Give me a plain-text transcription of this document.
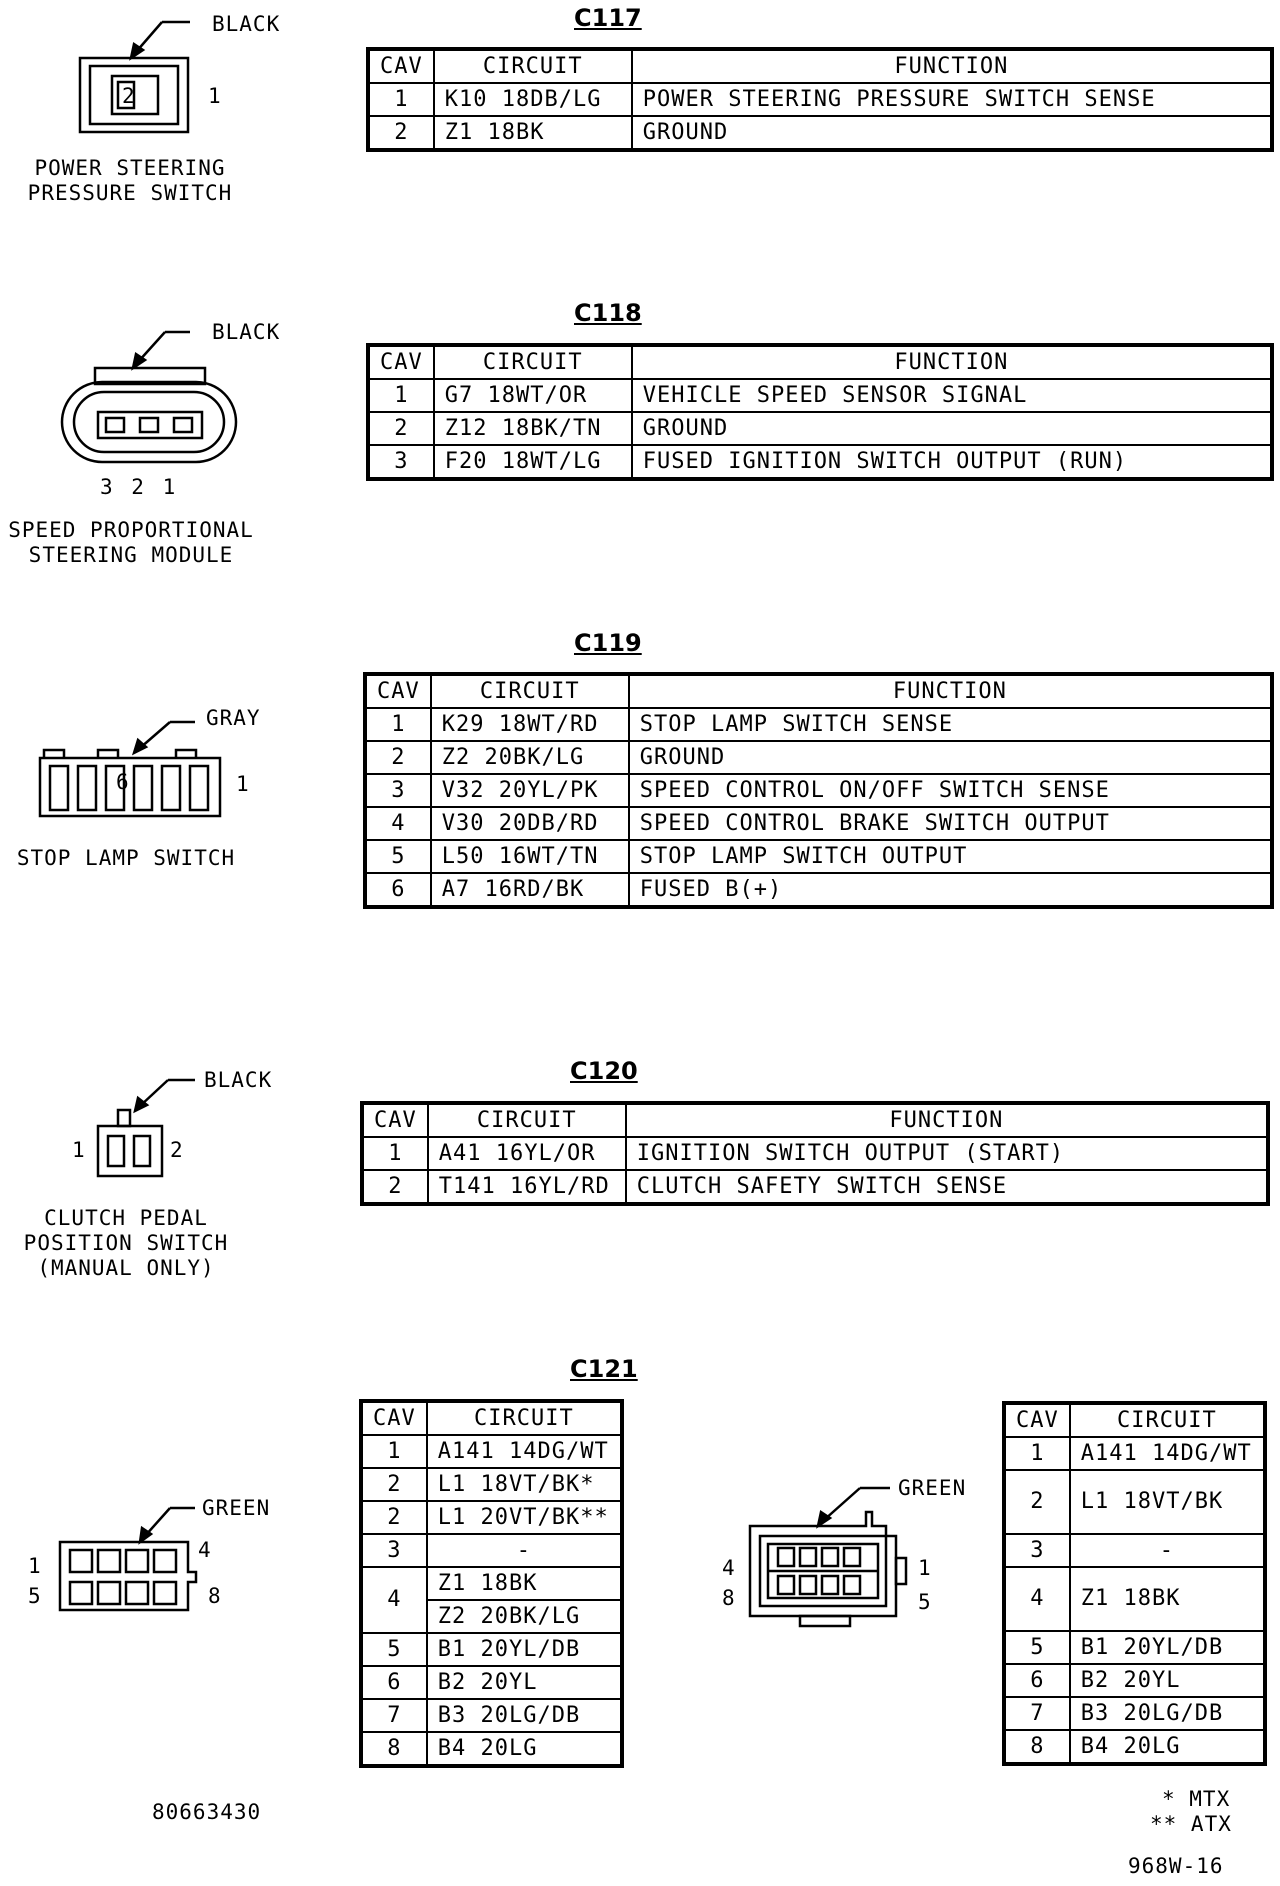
C117
BLACK
2	1
POWER STEERING
PRESSURE SWITCH
CAV	CIRCUIT	FUNCTION
1	K10 18DB/LG	POWER STEERING PRESSURE SWITCH SENSE
2	Z1 18BK	GROUND
C118
BLACK
3 2 1
SPEED PROPORTIONAL
STEERING MODULE
CAV	CIRCUIT	FUNCTION
1	G7 18WT/OR	VEHICLE SPEED SENSOR SIGNAL
2	Z12 18BK/TN	GROUND
3	F20 18WT/LG	FUSED IGNITION SWITCH OUTPUT (RUN)
C119
GRAY
6	1
STOP LAMP SWITCH
CAV	CIRCUIT	FUNCTION
1	K29 18WT/RD	STOP LAMP SWITCH SENSE
2	Z2 20BK/LG	GROUND
3	V32 20YL/PK	SPEED CONTROL ON/OFF SWITCH SENSE
4	V30 20DB/RD	SPEED CONTROL BRAKE SWITCH OUTPUT
5	L50 16WT/TN	STOP LAMP SWITCH OUTPUT
6	A7 16RD/BK	FUSED B(+)
C120
BLACK
1	2
CLUTCH PEDAL
POSITION SWITCH
(MANUAL ONLY)
CAV	CIRCUIT	FUNCTION
1	A41 16YL/OR	IGNITION SWITCH OUTPUT (START)
2	T141 16YL/RD	CLUTCH SAFETY SWITCH SENSE
C121
GREEN
1
5
4
8
CAV	CIRCUIT
1	A141 14DG/WT
2	L1 18VT/BK*
2	L1 20VT/BK**
3	-
4	Z1 18BK
	Z2 20BK/LG
5	B1 20YL/DB
6	B2 20YL
7	B3 20LG/DB
8	B4 20LG
GREEN
4
8
1
5
CAV	CIRCUIT
1	A141 14DG/WT
2	L1 18VT/BK
3	-
4	Z1 18BK
5	B1 20YL/DB
6	B2 20YL
7	B3 20LG/DB
8	B4 20LG
* MTX
** ATX
80663430
968W-16
